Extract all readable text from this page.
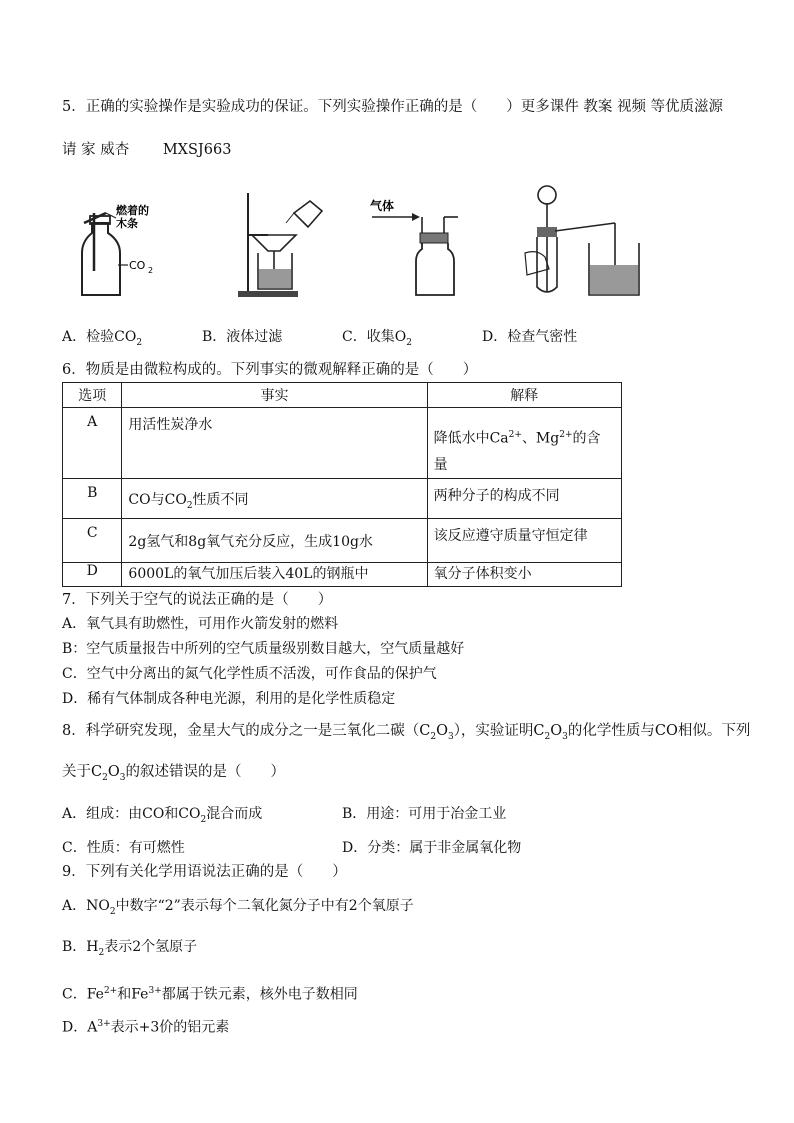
5．正确的实验操作是实验成功的保证。下列实验操作正确的是（　　）更多课件 教案 视频 等优质滋源
请 家 威杏　　 MXSJ663
燃着的
木条
CO 2
气体
A．检验$CO_2$	B．液体过滤	C．收集$O_2$	D．检查气密性
6．物质是由微粒构成的。下列事实的微观解释正确的是（　　）
选项	事实	解释
A	用活性炭净水	降低水中$Ca^{2+}$、$Mg^{2+}$的含
量
B	CO与$CO_2$性质不同	两种分子的构成不同
C	2g氢气和8g氧气充分反应，生成10g水	该反应遵守质量守恒定律
D	6000L的氧气加压后装入40L的钢瓶中	氧分子体积变小
7．下列关于空气的说法正确的是（　　）
A．氧气具有助燃性，可用作火箭发射的燃料
B：空气质量报告中所列的空气质量级别数目越大，空气质量越好
C．空气中分离出的氮气化学性质不活泼，可作食品的保护气
D．稀有气体制成各种电光源，利用的是化学性质稳定
8．科学研究发现，金星大气的成分之一是三氧化二碳$(C_2O_3)$，实验证明$C_2O_3$的化学性质与CO相似。下列
关于$C_2O_3$的叙述错误的是（　　）
A．组成：由CO和$CO_2$混合而成	B．用途：可用于冶金工业
C．性质：有可燃性	D．分类：属于非金属氧化物
9．下列有关化学用语说法正确的是（　　）
A．$NO_2$中数字“2”表示每个二氧化氮分子中有2个氧原子
B．$H_2$表示2个氢原子
C．$Fe^{2+}$和$Fe^{3+}$都属于铁元素，核外电子数相同
D．$A^{3+}$表示+3价的铝元素
